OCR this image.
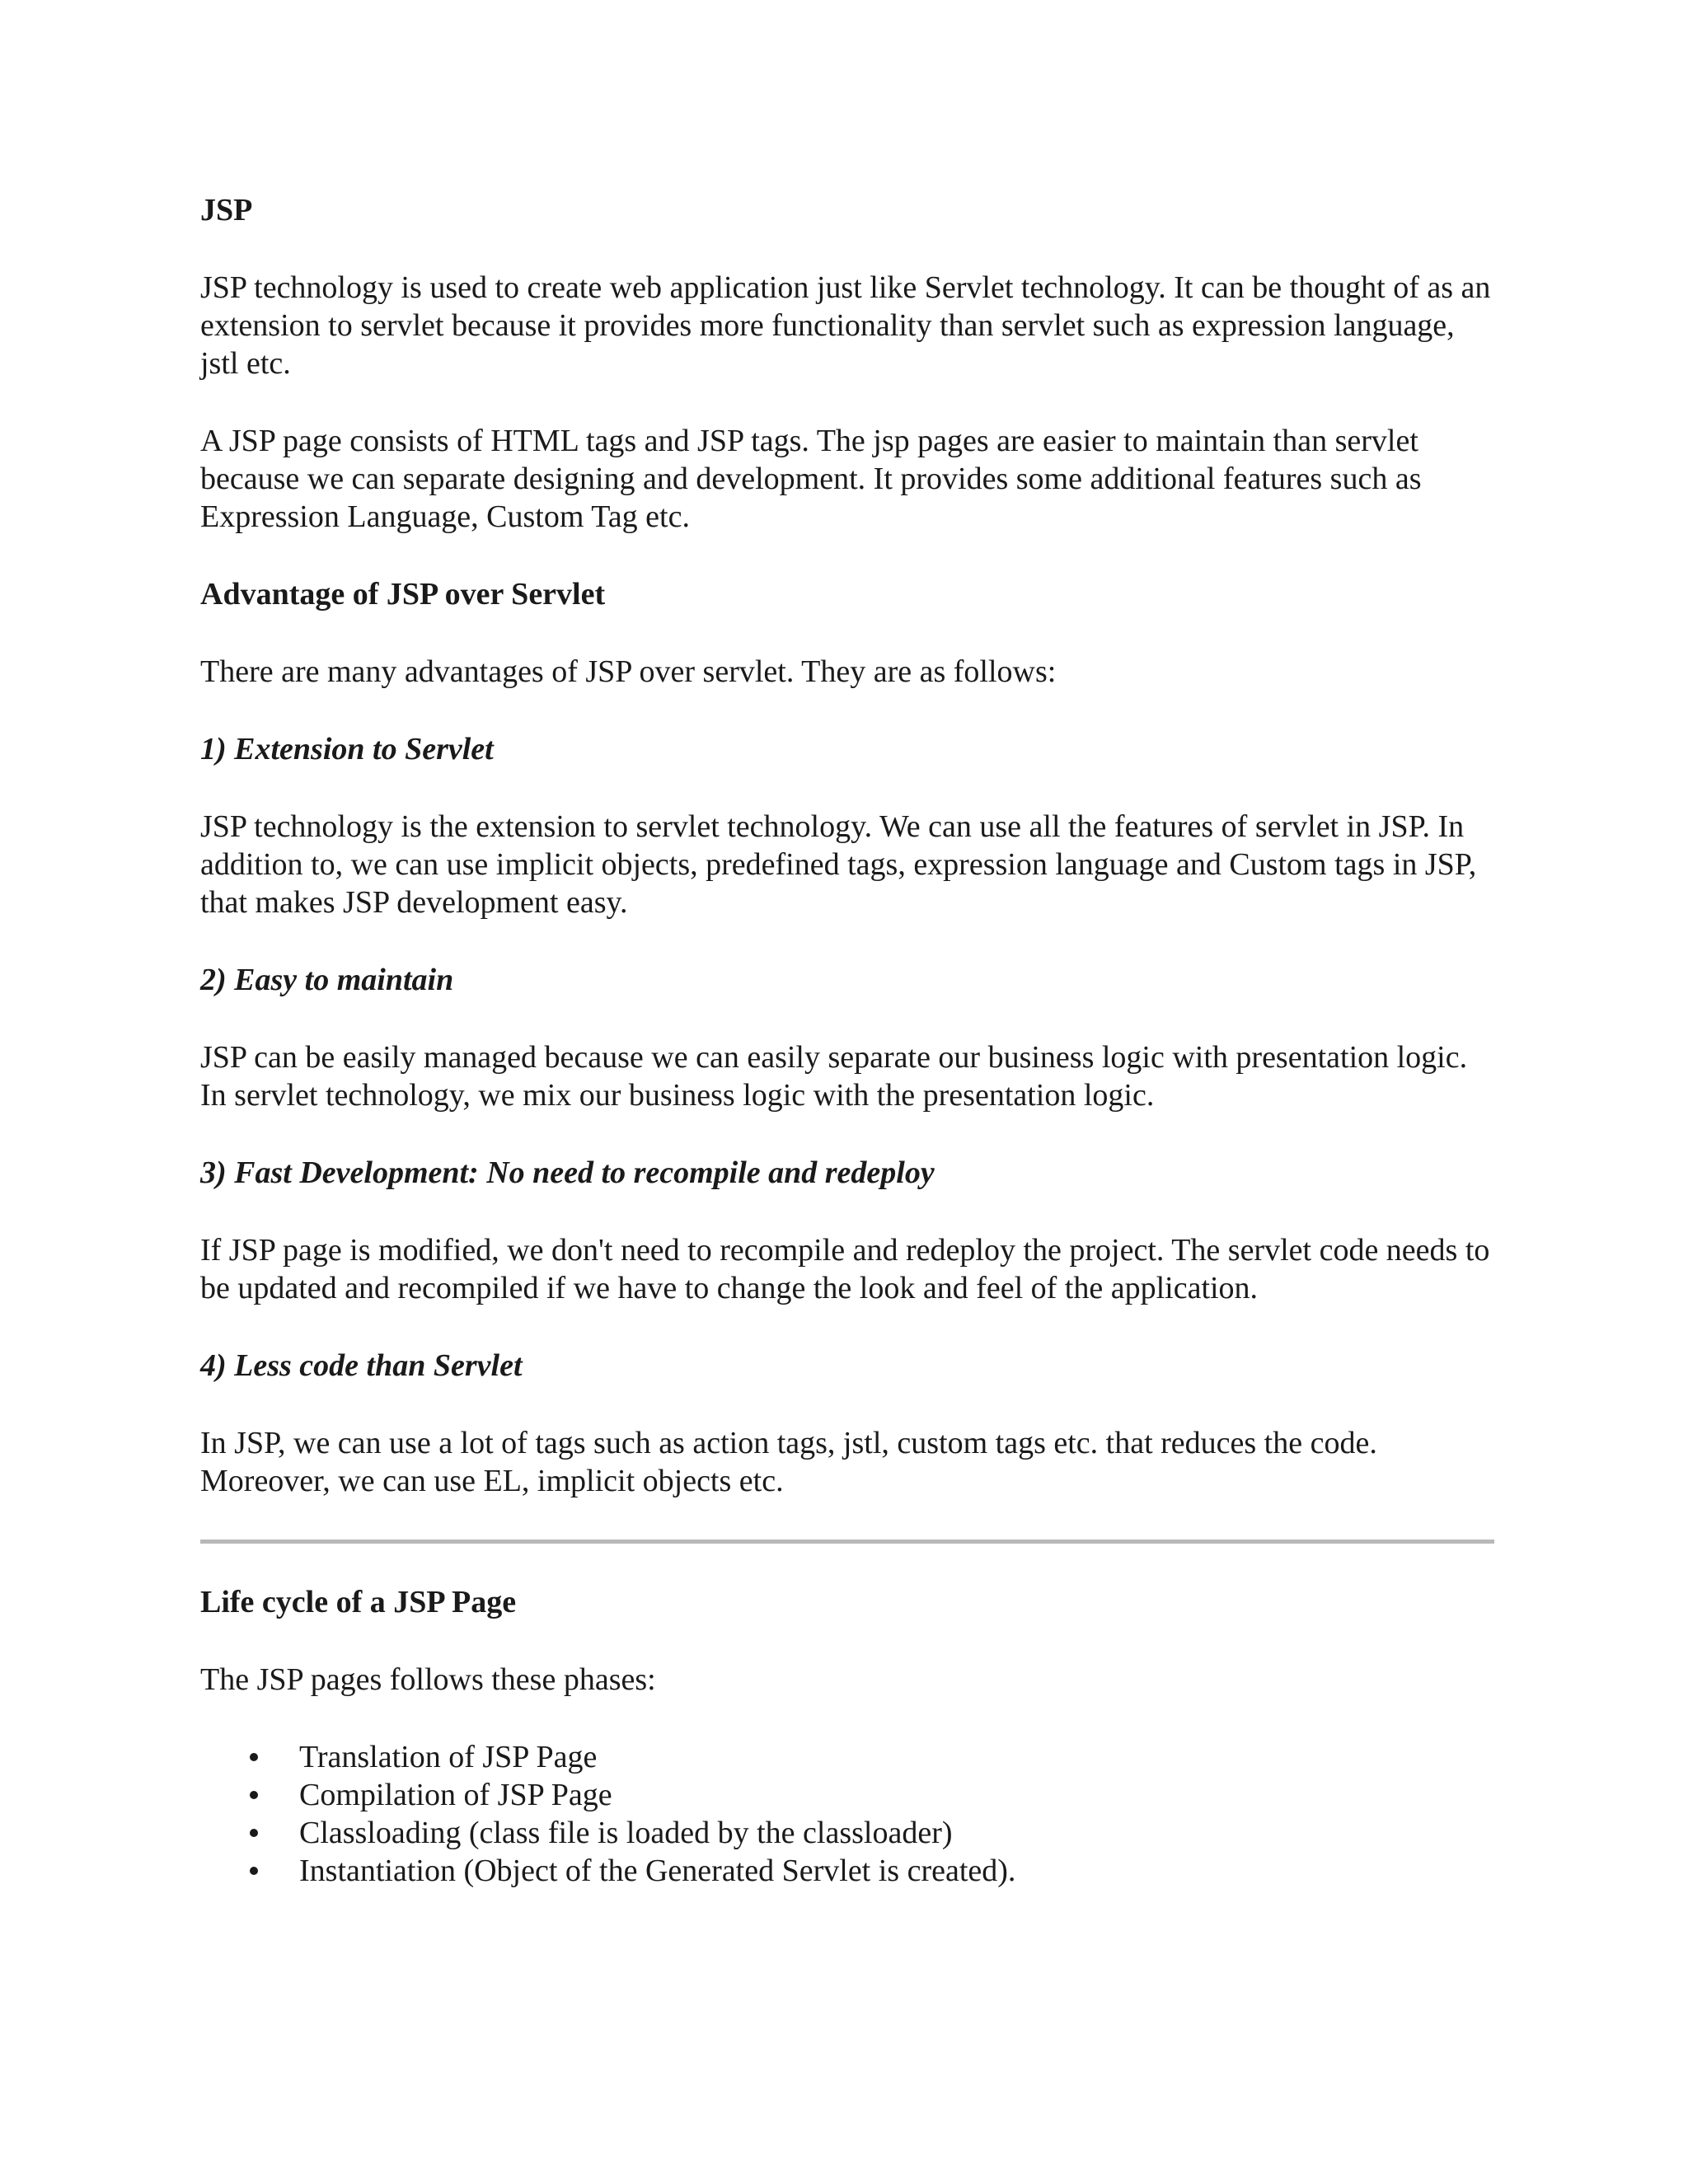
JSP

JSP technology is used to create web application just like Servlet technology. It can be thought of as an extension to servlet because it provides more functionality than servlet such as expression language, jstl etc.

A JSP page consists of HTML tags and JSP tags. The jsp pages are easier to maintain than servlet because we can separate designing and development. It provides some additional features such as Expression Language, Custom Tag etc.

Advantage of JSP over Servlet

There are many advantages of JSP over servlet. They are as follows:

1) Extension to Servlet

JSP technology is the extension to servlet technology. We can use all the features of servlet in JSP. In addition to, we can use implicit objects, predefined tags, expression language and Custom tags in JSP, that makes JSP development easy.

2) Easy to maintain

JSP can be easily managed because we can easily separate our business logic with presentation logic. In servlet technology, we mix our business logic with the presentation logic.

3) Fast Development: No need to recompile and redeploy

If JSP page is modified, we don't need to recompile and redeploy the project. The servlet code needs to be updated and recompiled if we have to change the look and feel of the application.

4) Less code than Servlet

In JSP, we can use a lot of tags such as action tags, jstl, custom tags etc. that reduces the code. Moreover, we can use EL, implicit objects etc.

Life cycle of a JSP Page

The JSP pages follows these phases:

Translation of JSP Page
Compilation of JSP Page
Classloading (class file is loaded by the classloader)
Instantiation (Object of the Generated Servlet is created).
